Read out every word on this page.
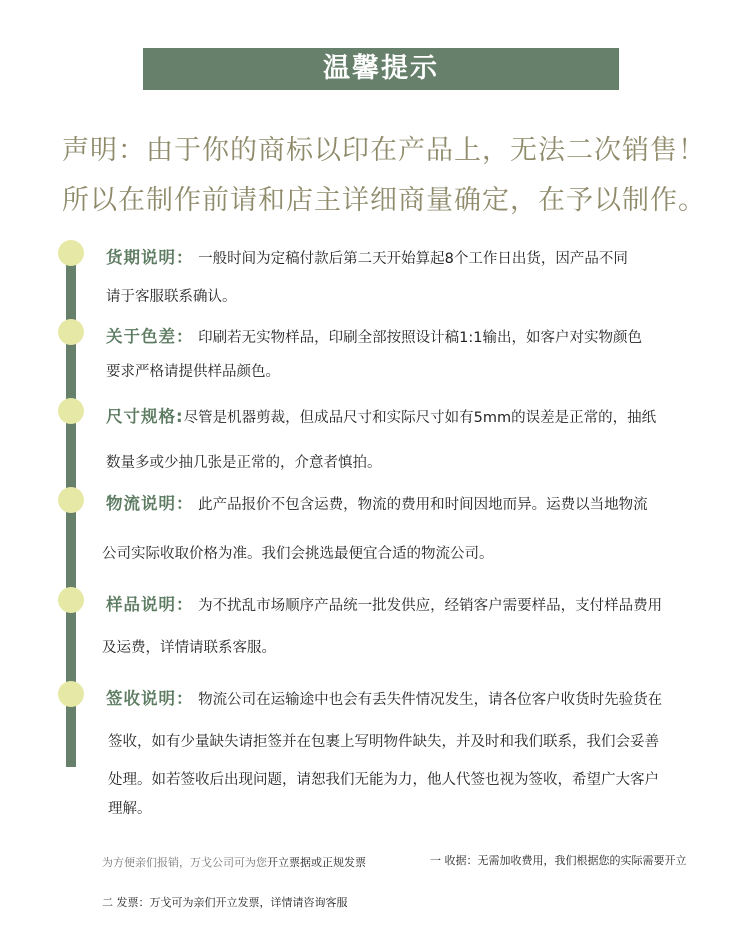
温馨提示
声明：由于你的商标以印在产品上，无法二次销售！
所以在制作前请和店主详细商量确定，在予以制作。
货期说明： 一般时间为定稿付款后第二天开始算起8个工作日出货，因产品不同
请于客服联系确认。
关于色差： 印刷若无实物样品，印刷全部按照设计稿1:1输出，如客户对实物颜色
要求严格请提供样品颜色。
尺寸规格:尽管是机器剪裁，但成品尺寸和实际尺寸如有5mm的误差是正常的，抽纸
数量多或少抽几张是正常的，介意者慎拍。
物流说明： 此产品报价不包含运费，物流的费用和时间因地而异。运费以当地物流
公司实际收取价格为准。我们会挑选最便宜合适的物流公司。
样品说明： 为不扰乱市场顺序产品统一批发供应，经销客户需要样品，支付样品费用
及运费，详情请联系客服。
签收说明： 物流公司在运输途中也会有丢失件情况发生，请各位客户收货时先验货在
签收，如有少量缺失请拒签并在包裹上写明物件缺失，并及时和我们联系，我们会妥善
处理。如若签收后出现问题，请恕我们无能为力，他人代签也视为签收，希望广大客户
理解。
为方便亲们报销，万戈公司可为您开立票据或正规发票	一 收据：无需加收费用，我们根据您的实际需要开立
二 发票：万戈可为亲们开立发票，详情请咨询客服
